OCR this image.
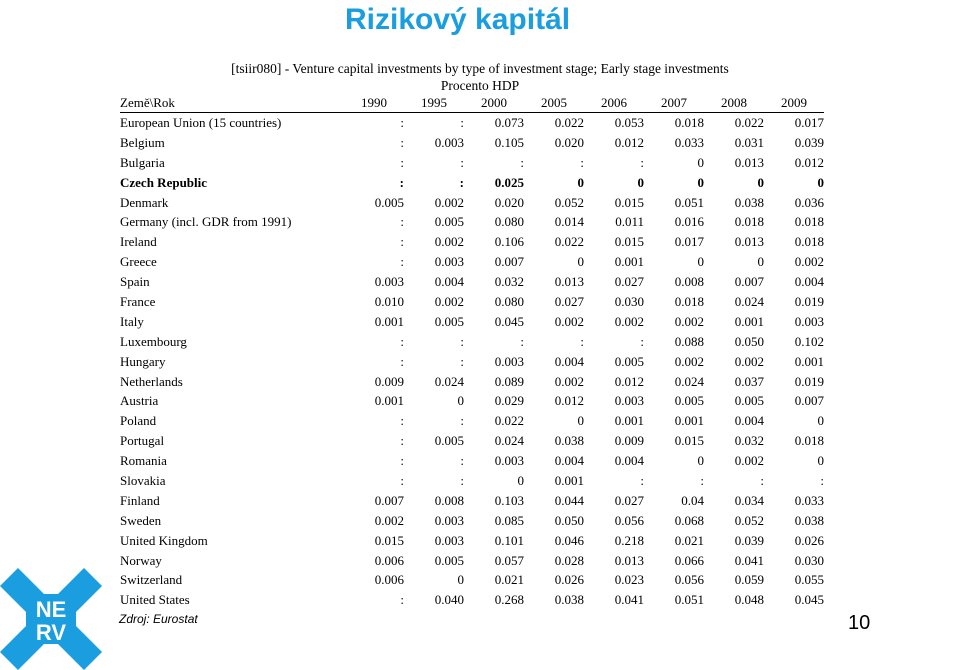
Rizikový kapitál
[tsiir080] - Venture capital investments by type of investment stage; Early stage investments
Procento HDP
Země\Rok	1990	1995	2000	2005	2006	2007	2008	2009
European Union (15 countries)	:	:	0.073	0.022	0.053	0.018	0.022	0.017
Belgium	:	0.003	0.105	0.020	0.012	0.033	0.031	0.039
Bulgaria	:	:	:	:	:	0	0.013	0.012
Czech Republic	:	:	0.025	0	0	0	0	0
Denmark	0.005	0.002	0.020	0.052	0.015	0.051	0.038	0.036
Germany (incl. GDR from 1991)	:	0.005	0.080	0.014	0.011	0.016	0.018	0.018
Ireland	:	0.002	0.106	0.022	0.015	0.017	0.013	0.018
Greece	:	0.003	0.007	0	0.001	0	0	0.002
Spain	0.003	0.004	0.032	0.013	0.027	0.008	0.007	0.004
France	0.010	0.002	0.080	0.027	0.030	0.018	0.024	0.019
Italy	0.001	0.005	0.045	0.002	0.002	0.002	0.001	0.003
Luxembourg	:	:	:	:	:	0.088	0.050	0.102
Hungary	:	:	0.003	0.004	0.005	0.002	0.002	0.001
Netherlands	0.009	0.024	0.089	0.002	0.012	0.024	0.037	0.019
Austria	0.001	0	0.029	0.012	0.003	0.005	0.005	0.007
Poland	:	:	0.022	0	0.001	0.001	0.004	0
Portugal	:	0.005	0.024	0.038	0.009	0.015	0.032	0.018
Romania	:	:	0.003	0.004	0.004	0	0.002	0
Slovakia	:	:	0	0.001	:	:	:	:
Finland	0.007	0.008	0.103	0.044	0.027	0.04	0.034	0.033
Sweden	0.002	0.003	0.085	0.050	0.056	0.068	0.052	0.038
United Kingdom	0.015	0.003	0.101	0.046	0.218	0.021	0.039	0.026
Norway	0.006	0.005	0.057	0.028	0.013	0.066	0.041	0.030
Switzerland	0.006	0	0.021	0.026	0.023	0.056	0.059	0.055
United States	:	0.040	0.268	0.038	0.041	0.051	0.048	0.045
Zdroj: Eurostat
NE
RV	10
